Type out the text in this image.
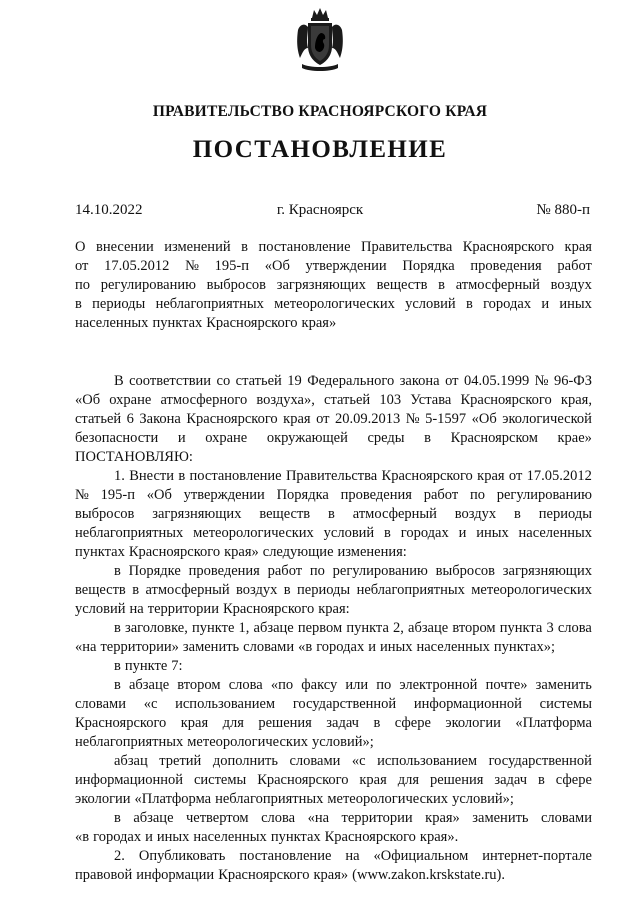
ПРАВИТЕЛЬСТВО КРАСНОЯРСКОГО КРАЯ
ПОСТАНОВЛЕНИЕ
14.10.2022	г. Красноярск	№ 880-п
О внесении изменений в постановление Правительства Красноярского края
от 17.05.2012 № 195-п «Об утверждении Порядка проведения работ
по регулированию выбросов загрязняющих веществ в атмосферный воздух
в периоды неблагоприятных метеорологических условий в городах и иных
населенных пунктах Красноярского края»
В соответствии со статьей 19 Федерального закона от 04.05.1999 № 96-ФЗ
«Об охране атмосферного воздуха», статьей 103 Устава Красноярского края,
статьей 6 Закона Красноярского края от 20.09.2013 № 5-1597 «Об экологической
безопасности и охране окружающей среды в Красноярском крае»
ПОСТАНОВЛЯЮ:
1. Внести в постановление Правительства Красноярского края от 17.05.2012
№ 195-п «Об утверждении Порядка проведения работ по регулированию
выбросов загрязняющих веществ в атмосферный воздух в периоды
неблагоприятных метеорологических условий в городах и иных населенных
пунктах Красноярского края» следующие изменения:
в Порядке проведения работ по регулированию выбросов загрязняющих
веществ в атмосферный воздух в периоды неблагоприятных метеорологических
условий на территории Красноярского края:
в заголовке, пункте 1, абзаце первом пункта 2, абзаце втором пункта 3 слова
«на территории» заменить словами «в городах и иных населенных пунктах»;
в пункте 7:
в абзаце втором слова «по факсу или по электронной почте» заменить
словами «с использованием государственной информационной системы
Красноярского края для решения задач в сфере экологии «Платформа
неблагоприятных метеорологических условий»;
абзац третий дополнить словами «с использованием государственной
информационной системы Красноярского края для решения задач в сфере
экологии «Платформа неблагоприятных метеорологических условий»;
в абзаце четвертом слова «на территории края» заменить словами
«в городах и иных населенных пунктах Красноярского края».
2. Опубликовать постановление на «Официальном интернет-портале
правовой информации Красноярского края» (www.zakon.krskstate.ru).
